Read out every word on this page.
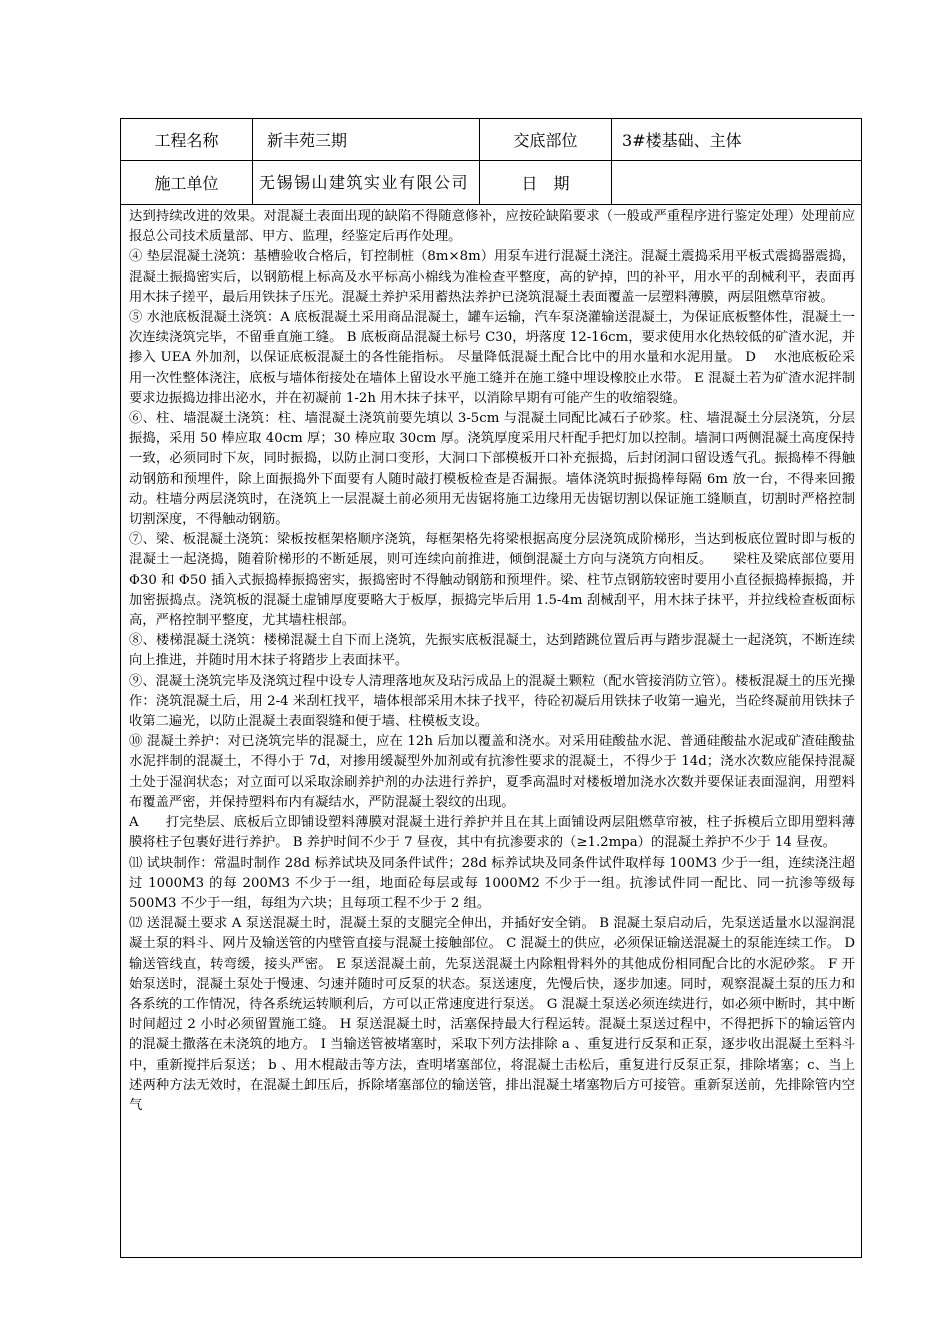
工程名称	新丰苑三期	交底部位	3#楼基础、主体
施工单位	无锡锡山建筑实业有限公司	日　期

达到持续改进的效果。对混凝土表面出现的缺陷不得随意修补，应按砼缺陷要求（一般或严重程序进行鉴定处理）处理前应报总公司技术质量部、甲方、监理，经鉴定后再作处理。

④ 垫层混凝土浇筑：基槽验收合格后，钉控制桩（8m×8m）用泵车进行混凝土浇注。混凝土震捣采用平板式震捣器震捣，混凝土振捣密实后，以钢筋棍上标高及水平标高小棉线为准检查平整度，高的铲掉，凹的补平，用水平的刮械利平，表面再用木抹子搓平，最后用铁抹子压光。混凝土养护采用蓄热法养护已浇筑混凝土表面覆盖一层塑料薄膜，两层阻燃草帘被。

⑤ 水池底板混凝土浇筑：A 底板混凝土采用商品混凝土，罐车运输，汽车泵浇灌输送混凝土，为保证底板整体性，混凝土一次连续浇筑完毕，不留垂直施工缝。 B 底板商品混凝土标号 C30，坍落度 12-16cm，要求使用水化热较低的矿渣水泥，并掺入 UEA 外加剂，以保证底板混凝土的各性能指标。 尽量降低混凝土配合比中的用水量和水泥用量。 D　 水池底板砼采用一次性整体浇注，底板与墙体衔接处在墙体上留设水平施工缝并在施工缝中埋设橡胶止水带。 E 混凝土若为矿渣水泥拌制要求边振捣边排出泌水，并在初凝前 1-2h 用木抹子抹平，以消除早期有可能产生的收缩裂缝。

⑥、柱、墙混凝土浇筑：柱、墙混凝土浇筑前要先填以 3-5cm 与混凝土同配比减石子砂浆。柱、墙混凝土分层浇筑，分层振捣，采用 50 棒应取 40cm 厚；30 棒应取 30cm 厚。浇筑厚度采用尺杆配手把灯加以控制。墙洞口两侧混凝土高度保持一致，必须同时下灰，同时振捣，以防止洞口变形，大洞口下部模板开口补充振捣，后封闭洞口留设透气孔。振捣棒不得触动钢筋和预埋件，除上面振捣外下面要有人随时敲打模板检查是否漏振。墙体浇筑时振捣棒每隔 6m 放一台，不得来回搬动。柱墙分两层浇筑时，在浇筑上一层混凝土前必须用无齿锯将施工边缘用无齿锯切割以保证施工缝顺直，切割时严格控制切割深度，不得触动钢筋。

⑦、梁、板混凝土浇筑：梁板按框架格顺序浇筑，每框架格先将梁根据高度分层浇筑成阶梯形，当达到板底位置时即与板的混凝土一起浇捣，随着阶梯形的不断延展，则可连续向前推进，倾倒混凝土方向与浇筑方向相反。　　梁柱及梁底部位要用 Φ30 和 Φ50 插入式振捣棒振捣密实，振捣密时不得触动钢筋和预埋件。梁、柱节点钢筋较密时要用小直径振捣棒振捣，并加密振捣点。浇筑板的混凝土虚铺厚度要略大于板厚，振捣完毕后用 1.5-4m 刮械刮平，用木抹子抹平，并拉线检查板面标高，严格控制平整度，尤其墙柱根部。

⑧、楼梯混凝土浇筑：楼梯混凝土自下而上浇筑，先振实底板混凝土，达到踏跳位置后再与踏步混凝土一起浇筑，不断连续向上推进，并随时用木抹子将踏步上表面抹平。

⑨、混凝土浇筑完毕及浇筑过程中设专人清理落地灰及玷污成品上的混凝土颗粒（配水管接消防立管）。楼板混凝土的压光操作：浇筑混凝土后，用 2-4 米刮杠找平，墙体根部采用木抹子找平，待砼初凝后用铁抹子收第一遍光，当砼终凝前用铁抹子收第二遍光，以防止混凝土表面裂缝和便于墙、柱模板支设。

⑩ 混凝土养护：对已浇筑完毕的混凝土，应在 12h 后加以覆盖和浇水。对采用硅酸盐水泥、普通硅酸盐水泥或矿渣硅酸盐水泥拌制的混凝土，不得小于 7d，对掺用缓凝型外加剂或有抗渗性要求的混凝土，不得少于 14d；浇水次数应能保持混凝土处于湿润状态；对立面可以采取涂刷养护剂的办法进行养护，夏季高温时对楼板增加浇水次数并要保证表面湿润，用塑料布覆盖严密，并保持塑料布内有凝结水，严防混凝土裂纹的出现。

A　　打完垫层、底板后立即铺设塑料薄膜对混凝土进行养护并且在其上面铺设两层阻燃草帘被，柱子拆模后立即用塑料薄膜将柱子包裹好进行养护。 B 养护时间不少于 7 昼夜，其中有抗渗要求的（≥1.2mpa）的混凝土养护不少于 14 昼夜。

⑾ 试块制作：常温时制作 28d 标养试块及同条件试件；28d 标养试块及同条件试件取样每 100M3 少于一组，连续浇注超过 1000M3 的每 200M3 不少于一组，地面砼每层或每 1000M2 不少于一组。抗渗试件同一配比、同一抗渗等级每 500M3 不少于一组，每组为六块；且每项工程不少于 2 组。

⑿ 送混凝土要求 A 泵送混凝土时，混凝土泵的支腿完全伸出，并插好安全销。 B 混凝土泵启动后，先泵送适量水以湿润混凝土泵的料斗、网片及输送管的内壁管直接与混凝土接触部位。 C 混凝土的供应，必须保证输送混凝土的泵能连续工作。 D 输送管线直，转弯缓，接头严密。 E 泵送混凝土前，先泵送混凝土内除粗骨料外的其他成份相同配合比的水泥砂浆。 F 开始泵送时，混凝土泵处于慢速、匀速并随时可反泵的状态。泵送速度，先慢后快，逐步加速。同时，观察混凝土泵的压力和各系统的工作情况，待各系统运转顺利后，方可以正常速度进行泵送。 G 混凝土泵送必须连续进行，如必须中断时，其中断时间超过 2 小时必须留置施工缝。 H 泵送混凝土时，活塞保持最大行程运转。混凝土泵送过程中，不得把拆下的输运管内的混凝土撒落在未浇筑的地方。 I 当输送管被堵塞时，采取下列方法排除 a 、重复进行反泵和正泵，逐步收出混凝土至料斗中，重新搅拌后泵送； b 、用木棍敲击等方法，查明堵塞部位，将混凝土击松后，重复进行反泵正泵，排除堵塞；c、当上述两种方法无效时，在混凝土卸压后，拆除堵塞部位的输送管，排出混凝土堵塞物后方可接管。重新泵送前，先排除管内空气
